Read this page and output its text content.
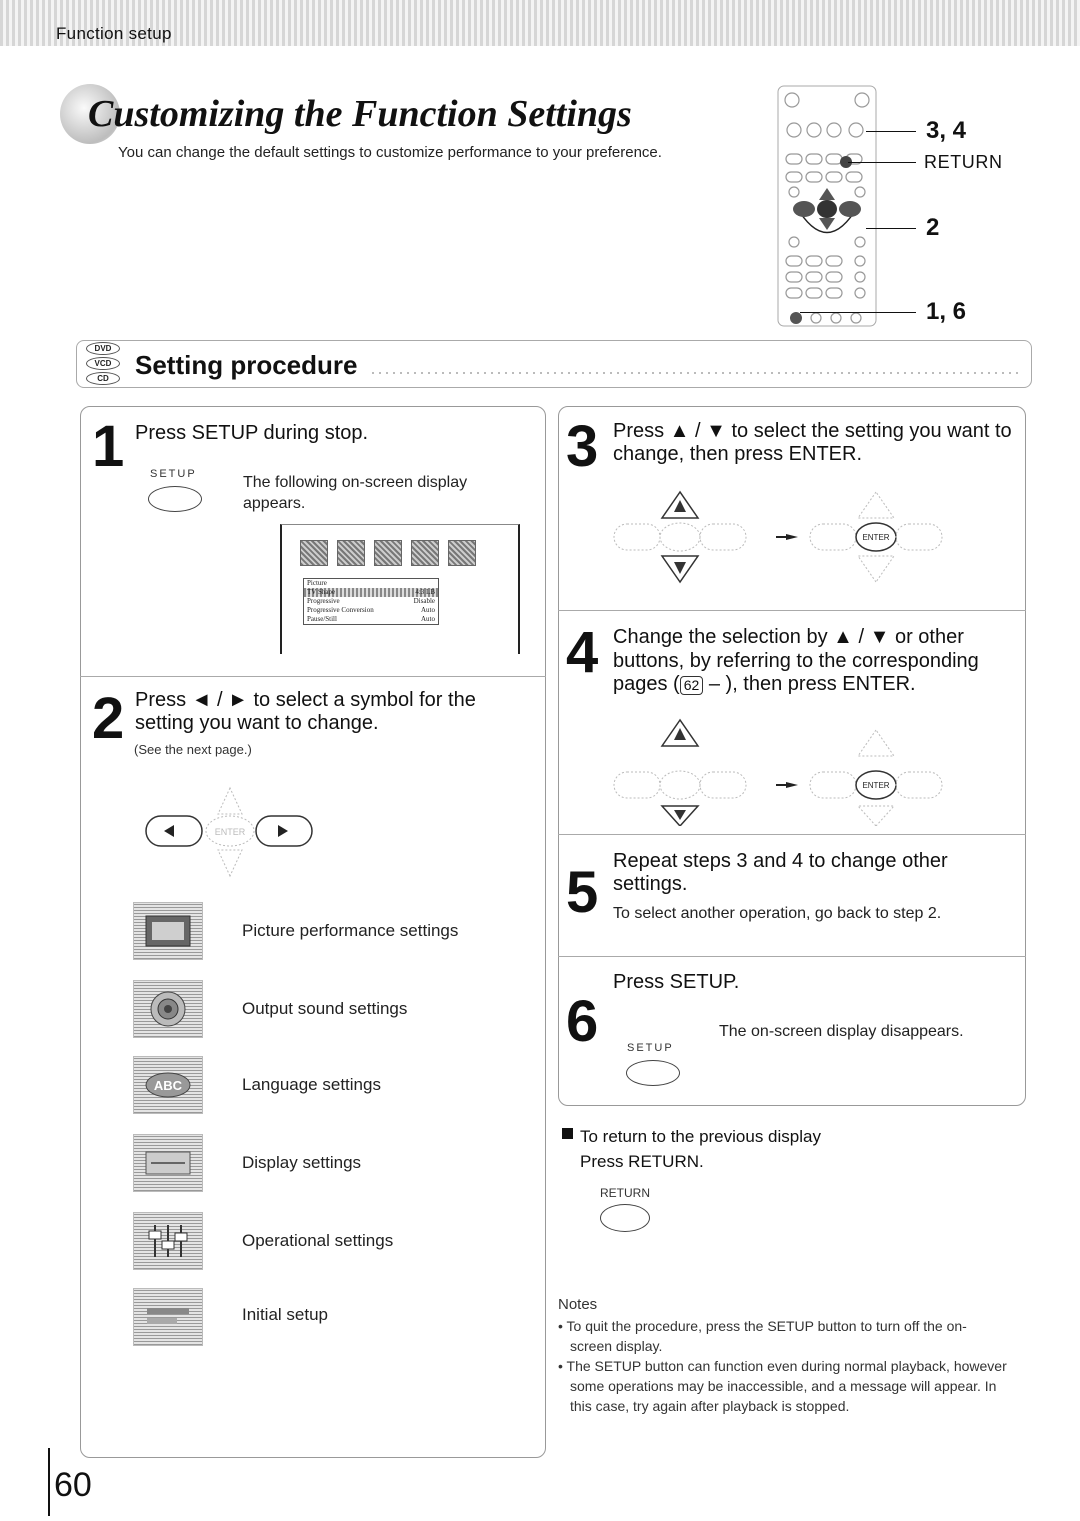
Function setup
Customizing the Function Settings
You can change the default settings to customize performance to your preference.
3, 4
RETURN
2
1, 6
DVD
VCD
CD	Setting procedure
1 Press SETUP during stop.
SETUP	The following on-screen display appears.
Picture
TV Shape	4:3 LB
Progressive	Disable
Progressive Conversion	Auto
Pause/Still	Auto
2 Press ◄ / ► to select a symbol for the setting you want to change.
(See the next page.)
ENTER
Picture performance settings
Output sound settings
ABC	Language settings
Display settings
Operational settings
Initial setup
3 Press ▲ / ▼ to select the setting you want to change, then press ENTER.
ENTER
4 Change the selection by ▲ / ▼ or other
buttons, by referring to the corresponding
pages ( 62 – ), then press ENTER.
ENTER
5 Repeat steps 3 and 4 to change other settings.
To select another operation, go back to step 2.
Press SETUP.
6	The on-screen display disappears.
SETUP
To return to the previous display
Press RETURN.
RETURN
Notes
• To quit the procedure, press the SETUP button to turn off the on-screen display.
• The SETUP button can function even during normal playback, however some operations may be inaccessible, and a message will appear. In this case, try again after playback is stopped.
60
